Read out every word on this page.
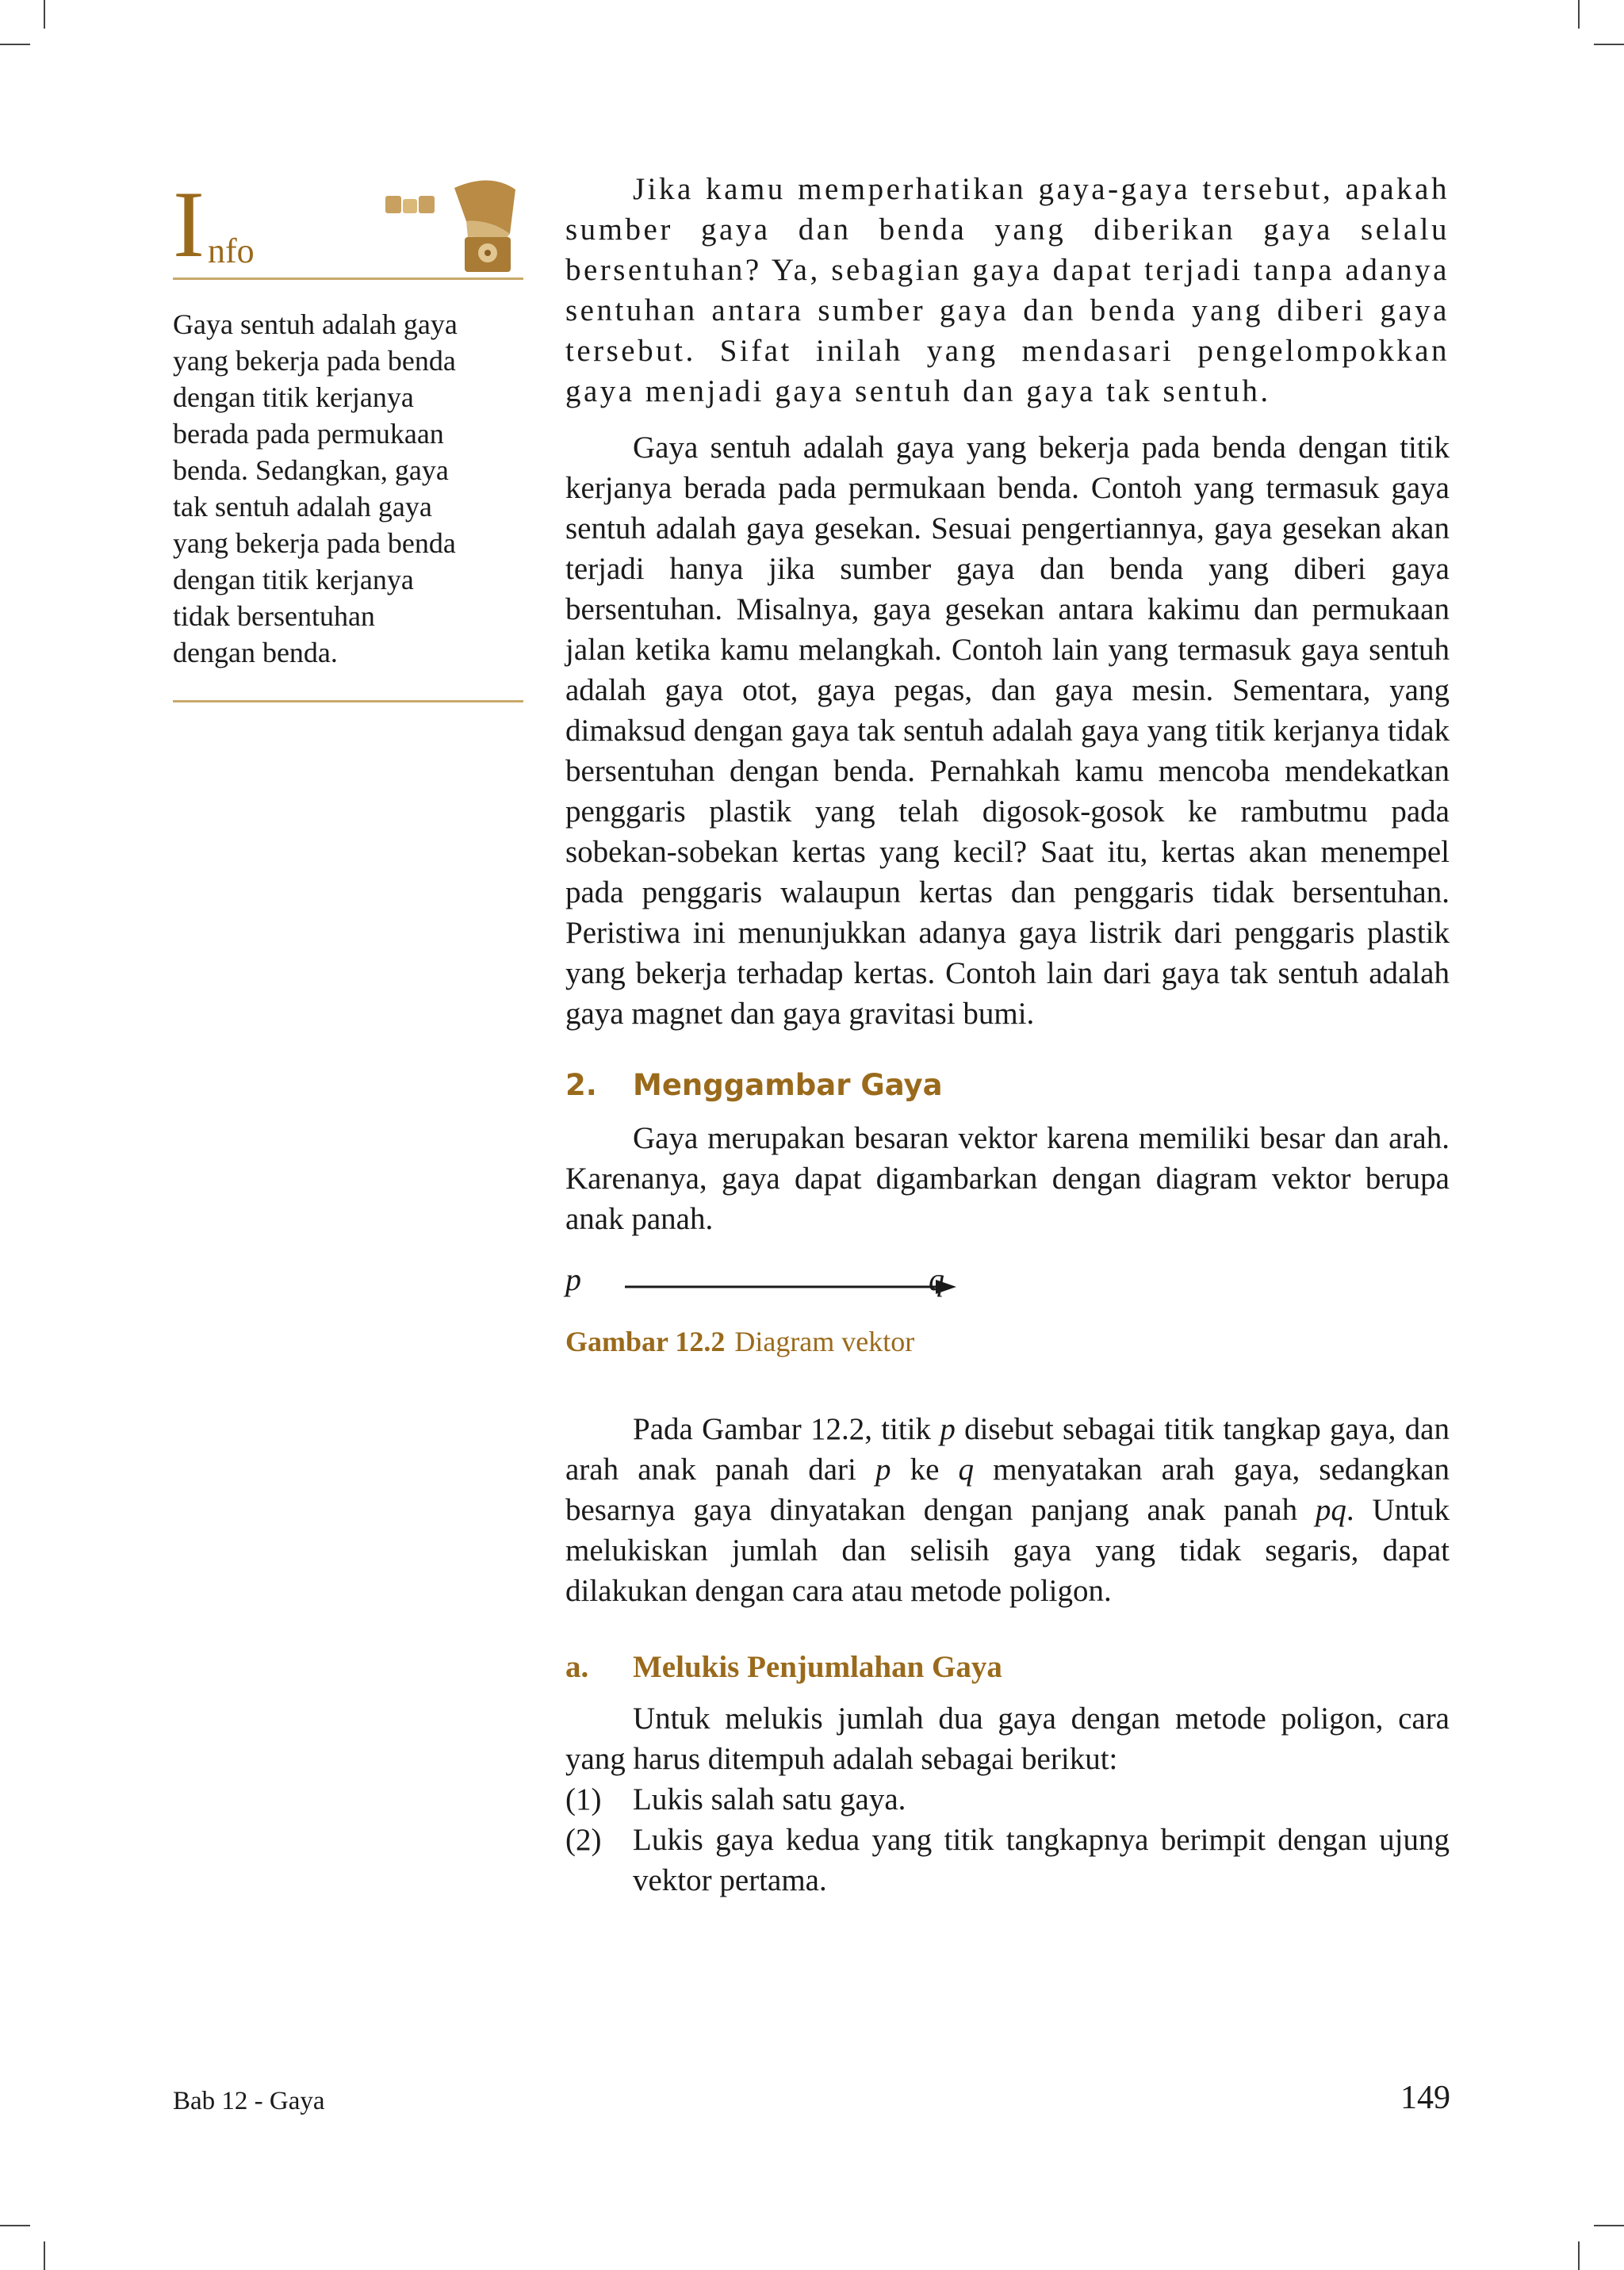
I nfo
Gaya sentuh adalah gaya
yang bekerja pada benda
dengan titik kerjanya
berada pada permukaan
benda. Sedangkan, gaya
tak sentuh adalah gaya
yang bekerja pada benda
dengan titik kerjanya
tidak bersentuhan
dengan benda.

Jika kamu memperhatikan gaya-gaya tersebut, apakah sumber gaya dan benda yang diberikan gaya selalu bersentuhan? Ya, sebagian gaya dapat terjadi tanpa adanya sentuhan antara sumber gaya dan benda yang diberi gaya tersebut. Sifat inilah yang mendasari pengelompokkan gaya menjadi gaya sentuh dan gaya tak sentuh.

Gaya sentuh adalah gaya yang bekerja pada benda dengan titik kerjanya berada pada permukaan benda. Contoh yang termasuk gaya sentuh adalah gaya gesekan. Sesuai pengertiannya, gaya gesekan akan terjadi hanya jika sumber gaya dan benda yang diberi gaya bersentuhan. Misalnya, gaya gesekan antara kakimu dan permukaan jalan ketika kamu melangkah. Contoh lain yang termasuk gaya sentuh adalah gaya otot, gaya pegas, dan gaya mesin. Sementara, yang dimaksud dengan gaya tak sentuh adalah gaya yang titik kerjanya tidak bersentuhan dengan benda. Pernahkah kamu mencoba mendekatkan penggaris plastik yang telah digosok-gosok ke rambutmu pada sobekan-sobekan kertas yang kecil? Saat itu, kertas akan menempel pada penggaris walaupun kertas dan penggaris tidak bersentuhan. Peristiwa ini menunjukkan adanya gaya listrik dari penggaris plastik yang bekerja terhadap kertas. Contoh lain dari gaya tak sentuh adalah gaya magnet dan gaya gravitasi bumi.

2. Menggambar Gaya

Gaya merupakan besaran vektor karena memiliki besar dan arah. Karenanya, gaya dapat digambarkan dengan diagram vektor berupa anak panah.

p	q
Gambar 12.2 Diagram vektor

Pada Gambar 12.2, titik p disebut sebagai titik tangkap gaya, dan arah anak panah dari p ke q menyatakan arah gaya, sedangkan besarnya gaya dinyatakan dengan panjang anak panah pq. Untuk melukiskan jumlah dan selisih gaya yang tidak segaris, dapat dilakukan dengan cara atau metode poligon.

a. Melukis Penjumlahan Gaya

Untuk melukis jumlah dua gaya dengan metode poligon, cara yang harus ditempuh adalah sebagai berikut:

(1) Lukis salah satu gaya.
(2) Lukis gaya kedua yang titik tangkapnya berimpit dengan ujung vektor pertama.
Bab 12 - Gaya	149
